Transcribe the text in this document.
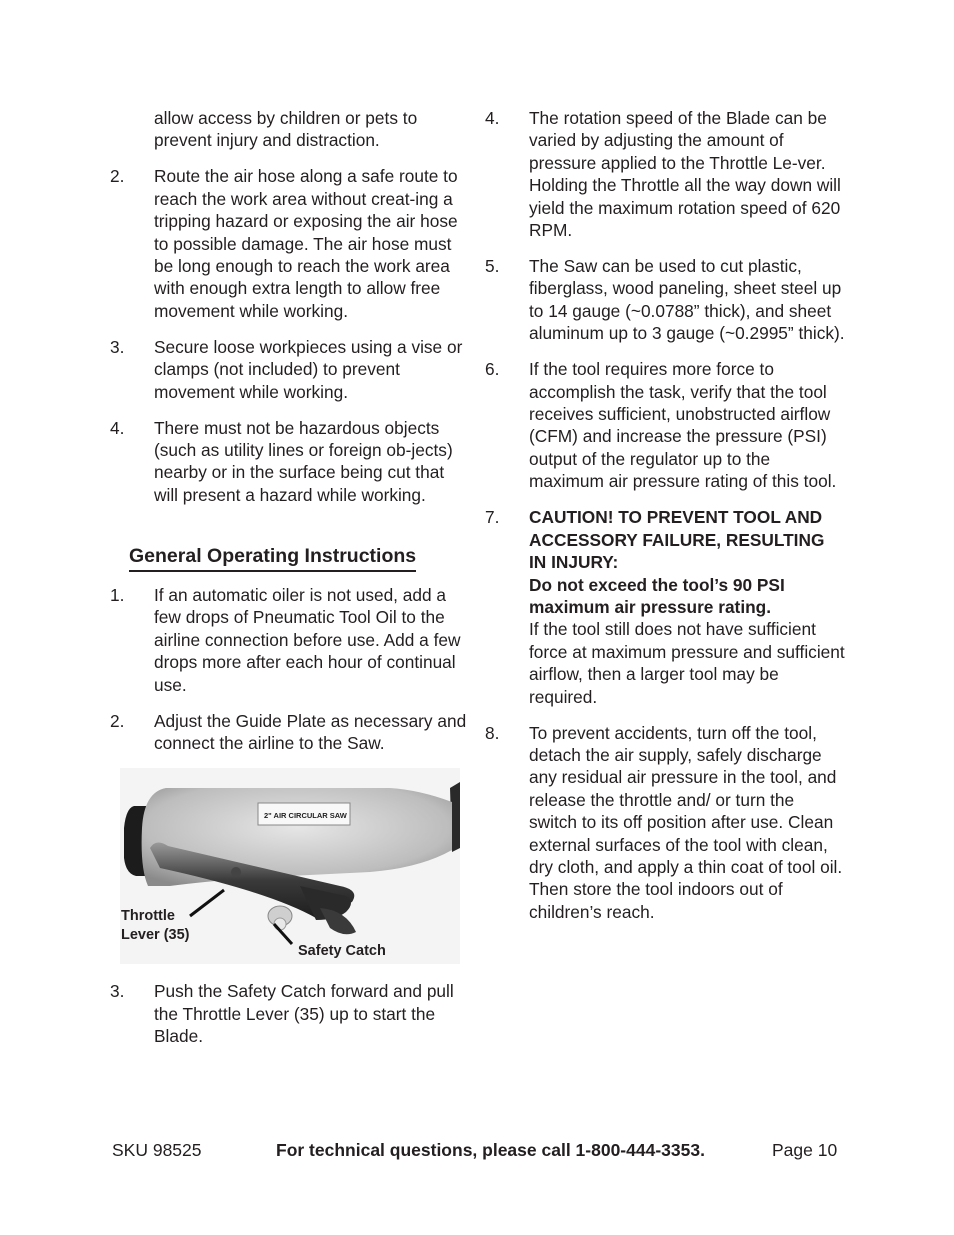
allow access by children or pets to prevent injury and distraction.
2.	Route the air hose along a safe route to reach the work area without creat-ing a tripping hazard or exposing the air hose to possible damage. The air hose must be long enough to reach the work area with enough extra length to allow free movement while working.
3.	Secure loose workpieces using a vise or clamps (not included) to prevent movement while working.
4.	There must not be hazardous objects (such as utility lines or foreign ob-jects) nearby or in the surface being cut that will present a hazard while working.
General Operating Instructions
1.	If an automatic oiler is not used, add a few drops of Pneumatic Tool Oil to the airline connection before use. Add a few drops more after each hour of continual use.
2.	Adjust the Guide Plate as necessary and connect the airline to the Saw.
2" AIR CIRCULAR SAW
Throttle
Lever (35)
Safety Catch
3.	Push the Safety Catch forward and pull the Throttle Lever (35) up to start the Blade.
4.	The rotation speed of the Blade can be varied by adjusting the amount of pressure applied to the Throttle Le-ver. Holding the Throttle all the way down will yield the maximum rotation speed of 620 RPM.
5.	The Saw can be used to cut plastic, fiberglass, wood paneling, sheet steel up to 14 gauge (~0.0788” thick), and sheet aluminum up to 3 gauge (~0.2995” thick).
6.	If the tool requires more force to accomplish the task, verify that the tool receives sufficient, unobstructed airflow (CFM) and increase the pressure (PSI) output of the regulator up to the maximum air pressure rating of this tool.
7.	CAUTION! TO PREVENT TOOL AND ACCESSORY FAILURE, RESULTING IN INJURY:
Do not exceed the tool’s 90 PSI maximum air pressure rating.
If the tool still does not have sufficient force at maximum pressure and sufficient airflow, then a larger tool may be required.
8.	To prevent accidents, turn off the tool, detach the air supply, safely discharge any residual air pressure in the tool, and release the throttle and/ or turn the switch to its off position after use. Clean external surfaces of the tool with clean, dry cloth, and apply a thin coat of tool oil. Then store the tool indoors out of children’s reach.
SKU 98525	For technical questions, please call 1-800-444-3353.	Page 10
